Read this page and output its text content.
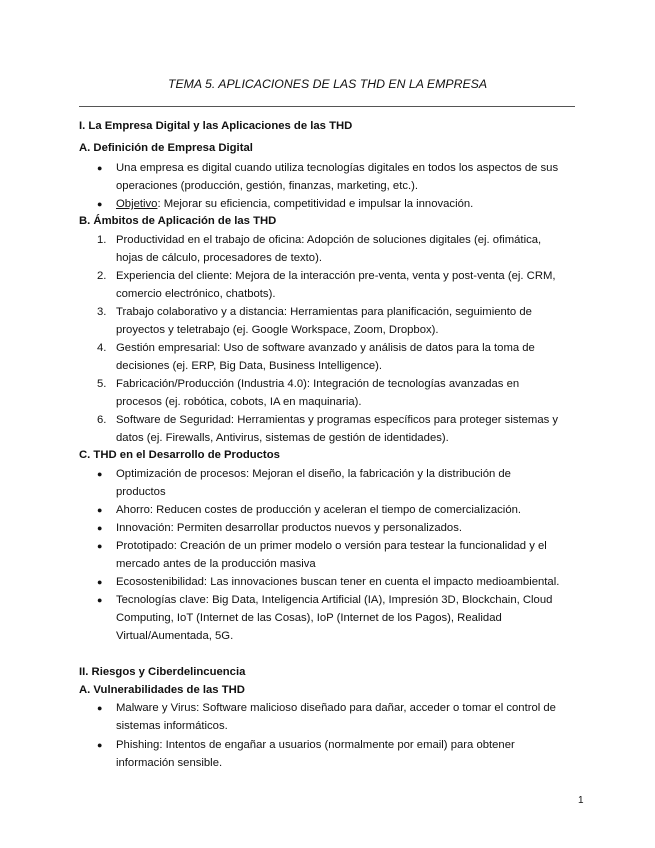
TEMA 5. APLICACIONES DE LAS THD EN LA EMPRESA

I. La Empresa Digital y las Aplicaciones de las THD

A. Definición de Empresa Digital

● Una empresa es digital cuando utiliza tecnologías digitales en todos los aspectos de sus

operaciones (producción, gestión, finanzas, marketing, etc.).

● Objetivo: Mejorar su eficiencia, competitividad e impulsar la innovación.

B. Ámbitos de Aplicación de las THD

1. Productividad en el trabajo de oficina: Adopción de soluciones digitales (ej. ofimática,

hojas de cálculo, procesadores de texto).

2. Experiencia del cliente: Mejora de la interacción pre-venta, venta y post-venta (ej. CRM,

comercio electrónico, chatbots).

3. Trabajo colaborativo y a distancia: Herramientas para planificación, seguimiento de

proyectos y teletrabajo (ej. Google Workspace, Zoom, Dropbox).

4. Gestión empresarial: Uso de software avanzado y análisis de datos para la toma de

decisiones (ej. ERP, Big Data, Business Intelligence).

5. Fabricación/Producción (Industria 4.0): Integración de tecnologías avanzadas en

procesos (ej. robótica, cobots, IA en maquinaria).

6. Software de Seguridad: Herramientas y programas específicos para proteger sistemas y

datos (ej. Firewalls, Antivirus, sistemas de gestión de identidades).

C. THD en el Desarrollo de Productos

● Optimización de procesos: Mejoran el diseño, la fabricación y la distribución de

productos

● Ahorro: Reducen costes de producción y aceleran el tiempo de comercialización.

● Innovación: Permiten desarrollar productos nuevos y personalizados.

● Prototipado: Creación de un primer modelo o versión para testear la funcionalidad y el

mercado antes de la producción masiva

● Ecosostenibilidad: Las innovaciones buscan tener en cuenta el impacto medioambiental.

● Tecnologías clave: Big Data, Inteligencia Artificial (IA), Impresión 3D, Blockchain, Cloud

Computing, IoT (Internet de las Cosas), IoP (Internet de los Pagos), Realidad

Virtual/Aumentada, 5G.

II. Riesgos y Ciberdelincuencia

A. Vulnerabilidades de las THD

● Malware y Virus: Software malicioso diseñado para dañar, acceder o tomar el control de

sistemas informáticos.

● Phishing: Intentos de engañar a usuarios (normalmente por email) para obtener

información sensible.

1
